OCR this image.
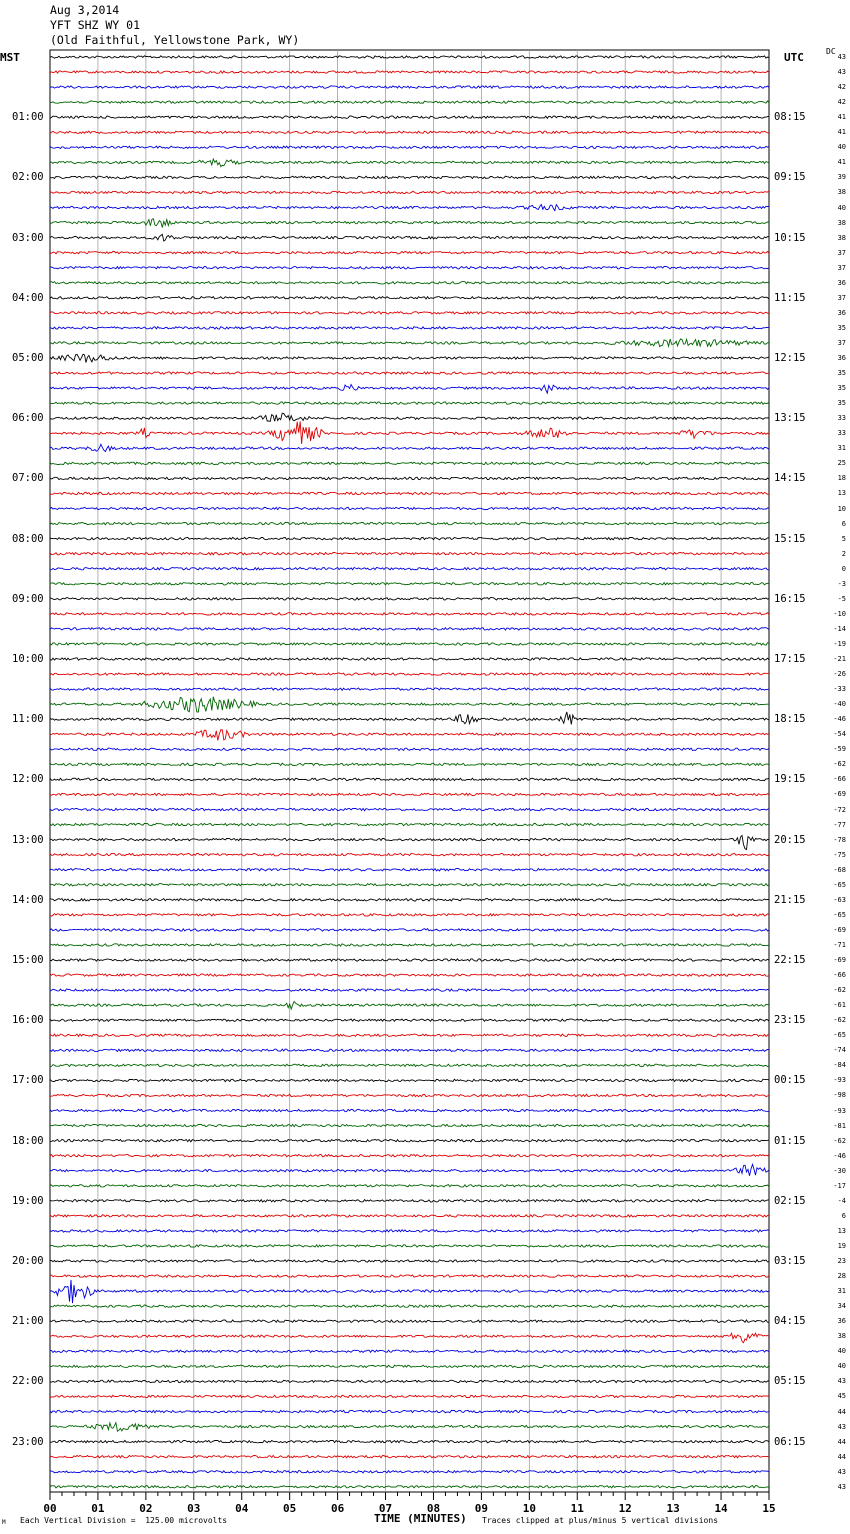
Aug 3,2014
YFT SHZ WY 01
(Old Faithful, Yellowstone Park, WY)
MST	UTC	DC
01:00
02:00
03:00
04:00
05:00
06:00
07:00
08:00
09:00
10:00
11:00
12:00
13:00
14:00
15:00
16:00
17:00
18:00
19:00
20:00
21:00
22:00
23:00
08:15
09:15
10:15
11:15
12:15
13:15
14:15
15:15
16:15
17:15
18:15
19:15
20:15
21:15
22:15
23:15
00:15
01:15
02:15
03:15
04:15
05:15
06:15
43
43
42
42
41
41
40
41
39
38
40
38
38
37
37
36
37
36
35
37
36
35
35
35
33
33
31
25
18
13
10
6
5
2
0
-3
-5
-10
-14
-19
-21
-26
-33
-40
-46
-54
-59
-62
-66
-69
-72
-77
-78
-75
-68
-65
-63
-65
-69
-71
-69
-66
-62
-61
-62
-65
-74
-84
-93
-98
-93
-81
-62
-46
-30
-17
-4
6
13
19
23
28
31
34
36
38
40
40
43
45
44
43
44
44
43
43
00	01	02	03	04	05	06	07	08	09	10	11	12	13	14	15
M Each Vertical Division =  125.00 microvolts	TIME (MINUTES) Traces clipped at plus/minus 5 vertical divisions
